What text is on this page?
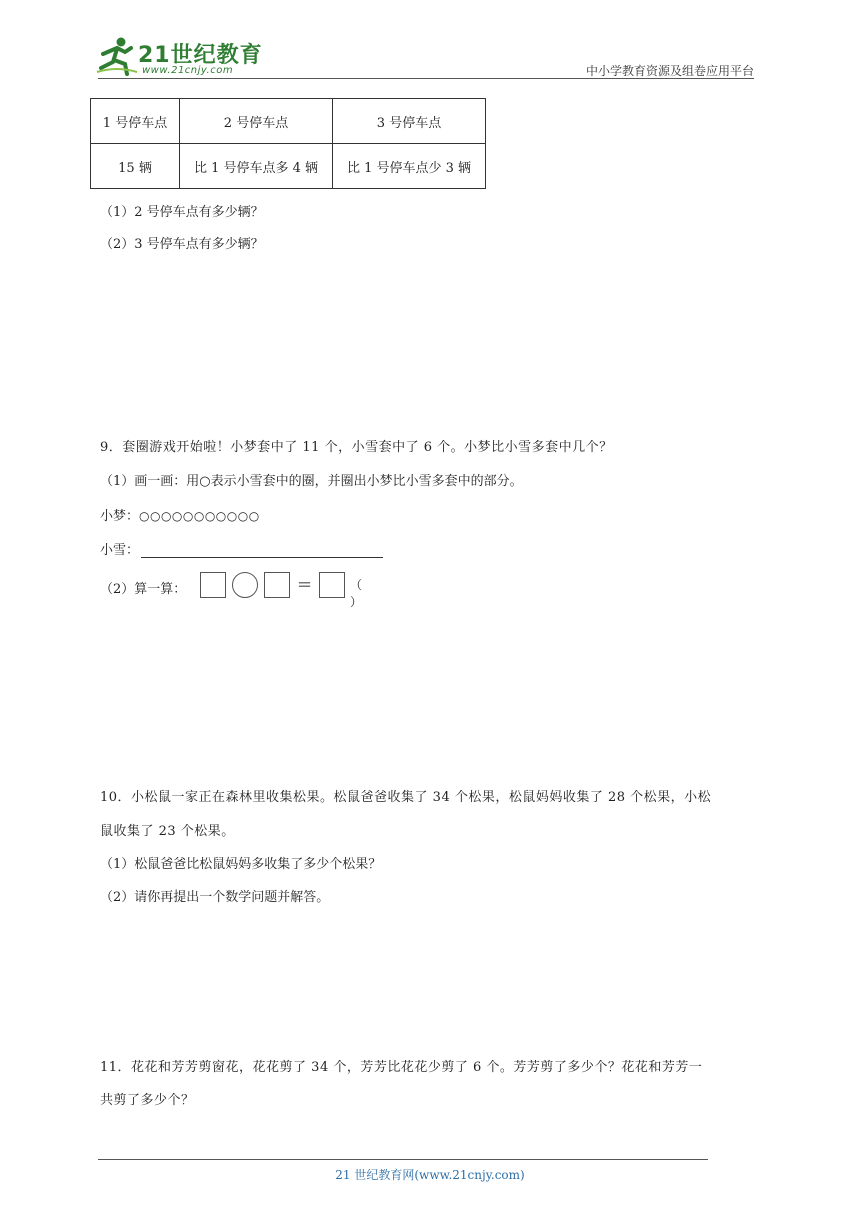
21世纪教育
www.21cnjy.com	中小学教育资源及组卷应用平台
1 号停车点	2 号停车点	3 号停车点
15 辆	比 1 号停车点多 4 辆	比 1 号停车点少 3 辆
（1）2 号停车点有多少辆？
（2）3 号停车点有多少辆？
9．套圈游戏开始啦！小梦套中了 11 个，小雪套中了 6 个。小梦比小雪多套中几个？
（1）画一画：用○表示小雪套中的圈，并圈出小梦比小雪多套中的部分。
小梦：○○○○○○○○○○○
小雪：
（2）算一算：	=	（ ）
10．小松鼠一家正在森林里收集松果。松鼠爸爸收集了 34 个松果，松鼠妈妈收集了 28 个松果，小松
鼠收集了 23 个松果。
（1）松鼠爸爸比松鼠妈妈多收集了多少个松果？
（2）请你再提出一个数学问题并解答。
11．花花和芳芳剪窗花，花花剪了 34 个，芳芳比花花少剪了 6 个。芳芳剪了多少个？花花和芳芳一
共剪了多少个？
21 世纪教育网(www.21cnjy.com)
